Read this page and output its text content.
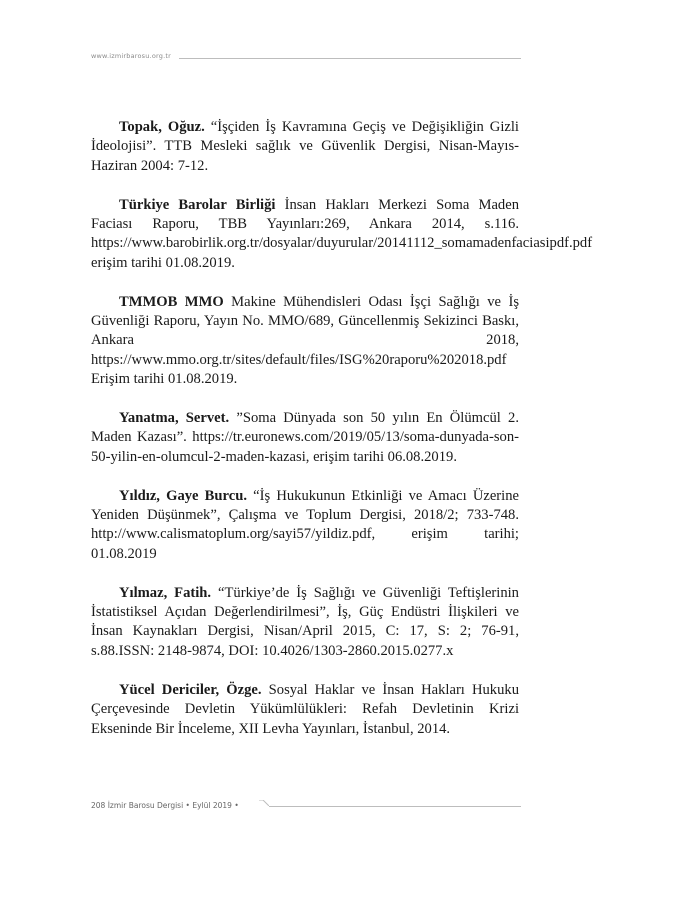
www.izmirbarosu.org.tr

Topak, Oğuz. “İşçiden İş Kavramına Geçiş ve Değişikliğin Gizli İdeolojisi”. TTB Mesleki sağlık ve Güvenlik Dergisi, Nisan-Mayıs-Haziran 2004: 7-12.

Türkiye Barolar Birliği İnsan Hakları Merkezi Soma Maden Faciası Raporu, TBB Yayınları:269, Ankara 2014, s.116. https://www.barobirlik.org.tr/dosyalar/duyurular/20141112_somamadenfaciasipdf.pdf erişim tarihi 01.08.2019.

TMMOB MMO Makine Mühendisleri Odası İşçi Sağlığı ve İş Güvenliği Raporu, Yayın No. MMO/689, Güncellenmiş Sekizinci Baskı, Ankara 2018, https://www.mmo.org.tr/sites/default/files/ISG%20raporu%202018.pdf Erişim tarihi 01.08.2019.

Yanatma, Servet. ”Soma Dünyada son 50 yılın En Ölümcül 2. Maden Kazası”. https://tr.euronews.com/2019/05/13/soma-dunyada-son-50-yilin-en-olumcul-2-maden-kazasi, erişim tarihi 06.08.2019.

Yıldız, Gaye Burcu. “İş Hukukunun Etkinliği ve Amacı Üzerine Yeniden Düşünmek”, Çalışma ve Toplum Dergisi, 2018/2; 733-748. http://www.calismatoplum.org/sayi57/yildiz.pdf, erişim tarihi; 01.08.2019

Yılmaz, Fatih. “Türkiye’de İş Sağlığı ve Güvenliği Teftişlerinin İstatistiksel Açıdan Değerlendirilmesi”, İş, Güç Endüstri İlişkileri ve İnsan Kaynakları Dergisi, Nisan/April 2015, C: 17, S: 2; 76-91, s.88.ISSN: 2148-9874, DOI: 10.4026/1303-2860.2015.0277.x

Yücel Dericiler, Özge. Sosyal Haklar ve İnsan Hakları Hukuku Çerçevesinde Devletin Yükümlülükleri: Refah Devletinin Krizi Ekseninde Bir İnceleme, XII Levha Yayınları, İstanbul, 2014.

208 İzmir Barosu Dergisi • Eylül 2019 •
